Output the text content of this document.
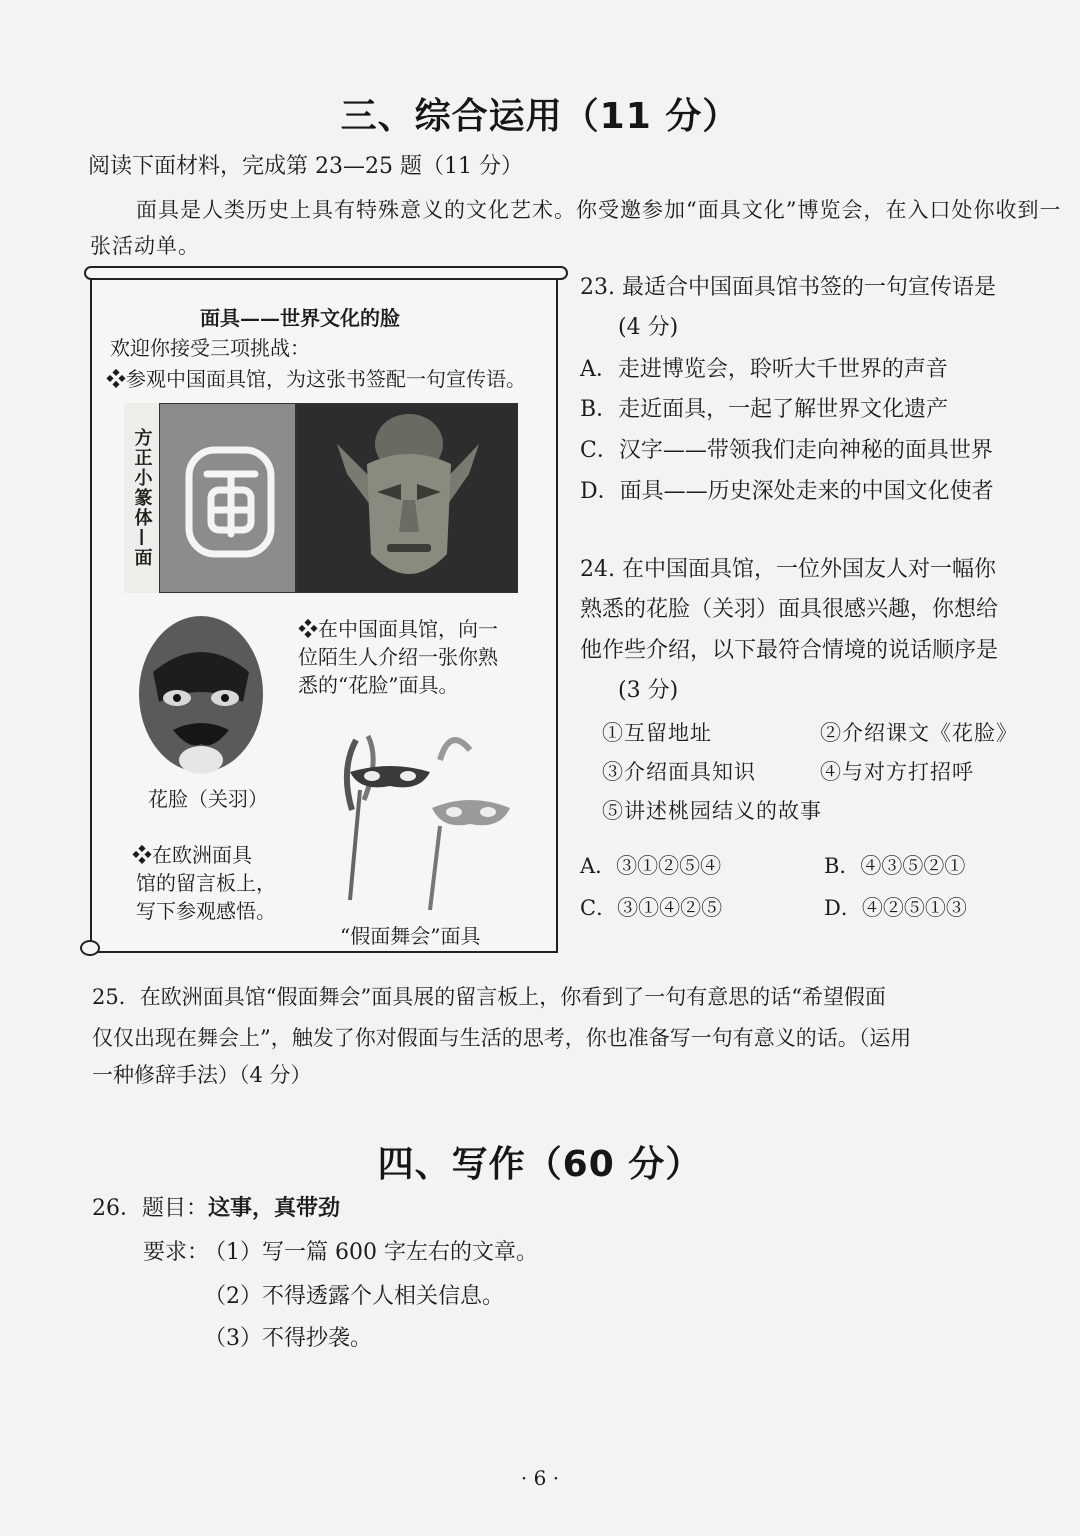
三、综合运用（11 分）
阅读下面材料，完成第 23—25 题（11 分）
面具是人类历史上具有特殊意义的文化艺术。你受邀参加“面具文化”博览会，在入口处你收到一张活动单。
面具——世界文化的脸
欢迎你接受三项挑战：
❖参观中国面具馆，为这张书签配一句宣传语。
方正小篆体—面
花脸（关羽）
❖在中国面具馆，向一
位陌生人介绍一张你熟
悉的“花脸”面具。
❖在欧洲面具
馆的留言板上，
写下参观感悟。
“假面舞会”面具
23. 最适合中国面具馆书签的一句宣传语是
(4 分)
A．走进博览会，聆听大千世界的声音
B．走近面具，一起了解世界文化遗产
C．汉字——带领我们走向神秘的面具世界
D．面具——历史深处走来的中国文化使者
24. 在中国面具馆，一位外国友人对一幅你
熟悉的花脸（关羽）面具很感兴趣，你想给
他作些介绍，以下最符合情境的说话顺序是
(3 分)
①互留地址	②介绍课文《花脸》
③介绍面具知识	④与对方打招呼
⑤讲述桃园结义的故事
A．③①②⑤④	B．④③⑤②①
C．③①④②⑤	D．④②⑤①③
25．在欧洲面具馆“假面舞会”面具展的留言板上，你看到了一句有意思的话“希望假面
仅仅出现在舞会上”，触发了你对假面与生活的思考，你也准备写一句有意义的话。（运用
一种修辞手法）（4 分）
四、写作（60 分）
26．题目：这事，真带劲
要求：
（1）写一篇 600 字左右的文章。
（2）不得透露个人相关信息。
（3）不得抄袭。
· 6 ·
